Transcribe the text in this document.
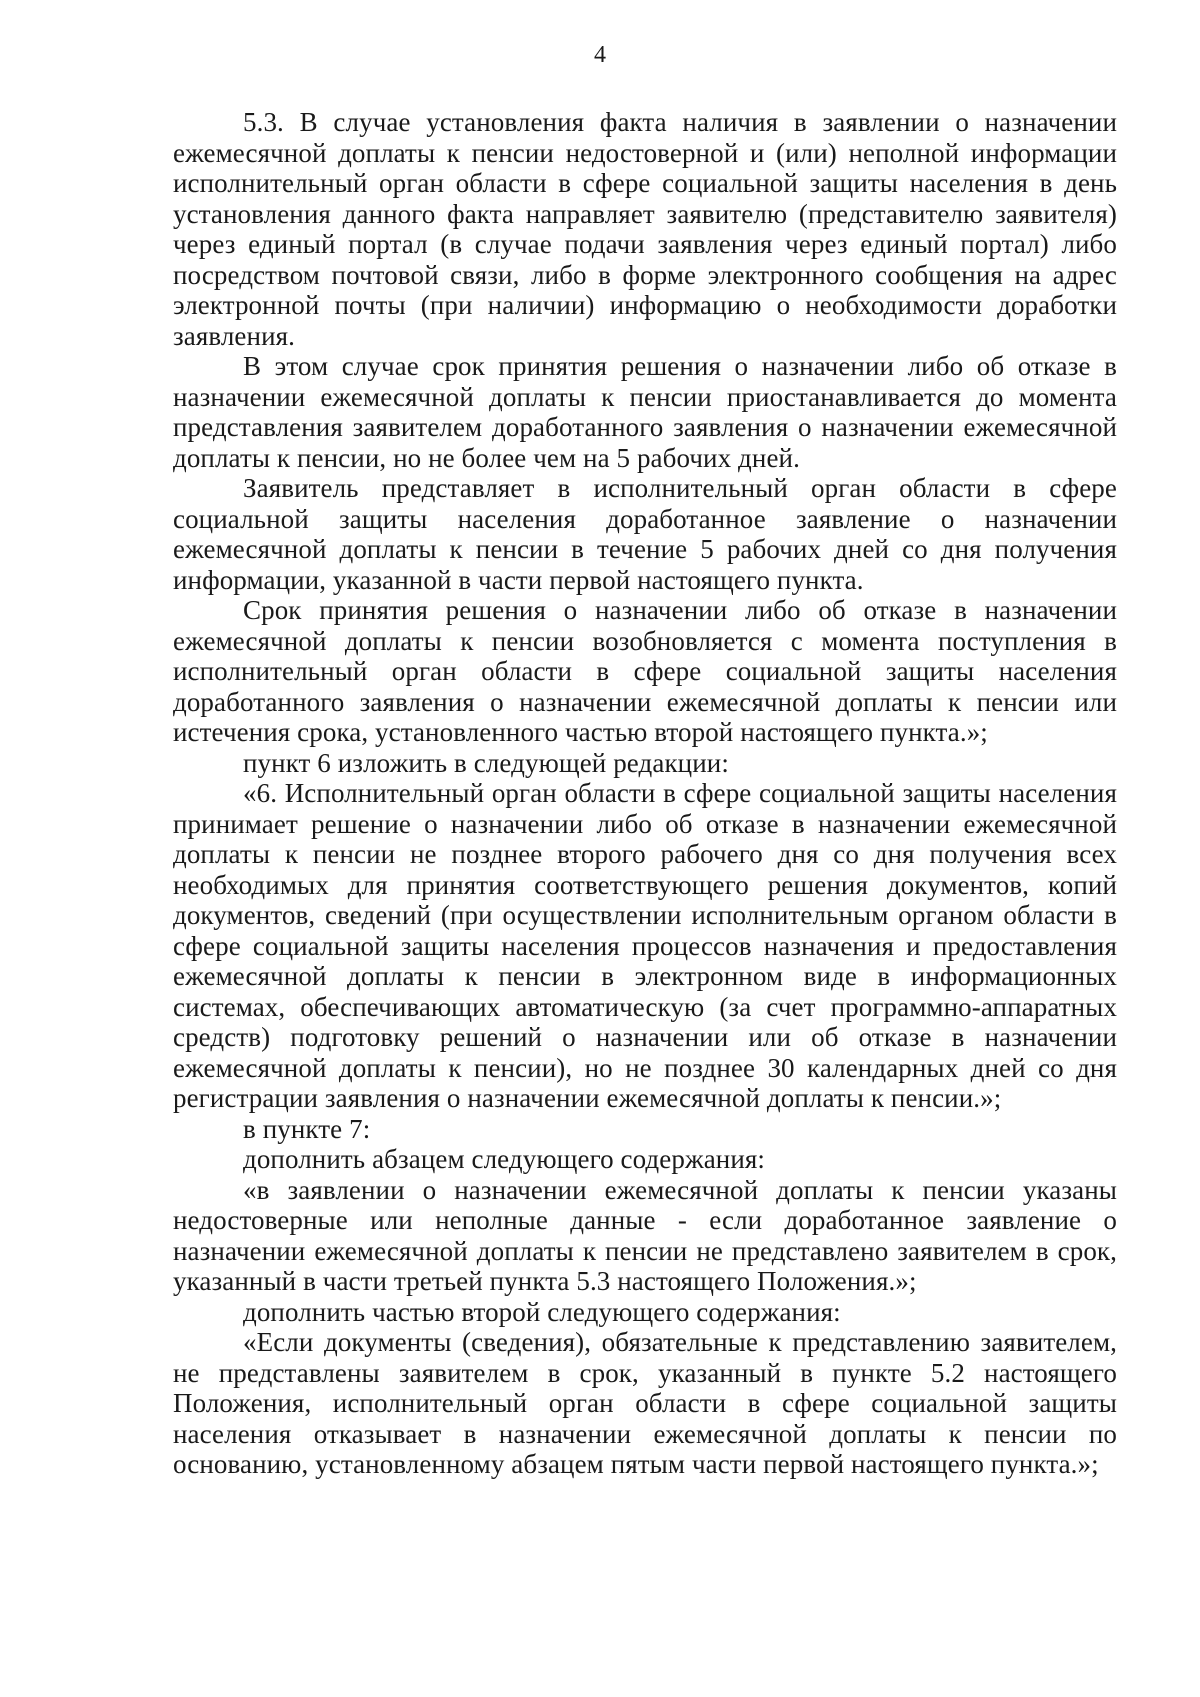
4

5.3. В случае установления факта наличия в заявлении о назначении ежемесячной доплаты к пенсии недостоверной и (или) неполной информации исполнительный орган области в сфере социальной защиты населения в день установления данного факта направляет заявителю (представителю заявителя) через единый портал (в случае подачи заявления через единый портал) либо посредством почтовой связи, либо в форме электронного сообщения на адрес электронной почты (при наличии) информацию о необходимости доработки заявления.

В этом случае срок принятия решения о назначении либо об отказе в назначении ежемесячной доплаты к пенсии приостанавливается до момента представления заявителем доработанного заявления о назначении ежемесячной доплаты к пенсии, но не более чем на 5 рабочих дней.

Заявитель представляет в исполнительный орган области в сфере социальной защиты населения доработанное заявление о назначении ежемесячной доплаты к пенсии в течение 5 рабочих дней со дня получения информации, указанной в части первой настоящего пункта.

Срок принятия решения о назначении либо об отказе в назначении ежемесячной доплаты к пенсии возобновляется с момента поступления в исполнительный орган области в сфере социальной защиты населения доработанного заявления о назначении ежемесячной доплаты к пенсии или истечения срока, установленного частью второй настоящего пункта.»;

пункт 6 изложить в следующей редакции:

«6. Исполнительный орган области в сфере социальной защиты населения принимает решение о назначении либо об отказе в назначении ежемесячной доплаты к пенсии не позднее второго рабочего дня со дня получения всех необходимых для принятия соответствующего решения документов, копий документов, сведений (при осуществлении исполнительным органом области в сфере социальной защиты населения процессов назначения и предоставления ежемесячной доплаты к пенсии в электронном виде в информационных системах, обеспечивающих автоматическую (за счет программно-аппаратных средств) подготовку решений о назначении или об отказе в назначении ежемесячной доплаты к пенсии), но не позднее 30 календарных дней со дня регистрации заявления о назначении ежемесячной доплаты к пенсии.»;

в пункте 7:

дополнить абзацем следующего содержания:

«в заявлении о назначении ежемесячной доплаты к пенсии указаны недостоверные или неполные данные - если доработанное заявление о назначении ежемесячной доплаты к пенсии не представлено заявителем в срок, указанный в части третьей пункта 5.3 настоящего Положения.»;

дополнить частью второй следующего содержания:

«Если документы (сведения), обязательные к представлению заявителем, не представлены заявителем в срок, указанный в пункте 5.2 настоящего Положения, исполнительный орган области в сфере социальной защиты населения отказывает в назначении ежемесячной доплаты к пенсии по основанию, установленному абзацем пятым части первой настоящего пункта.»;
